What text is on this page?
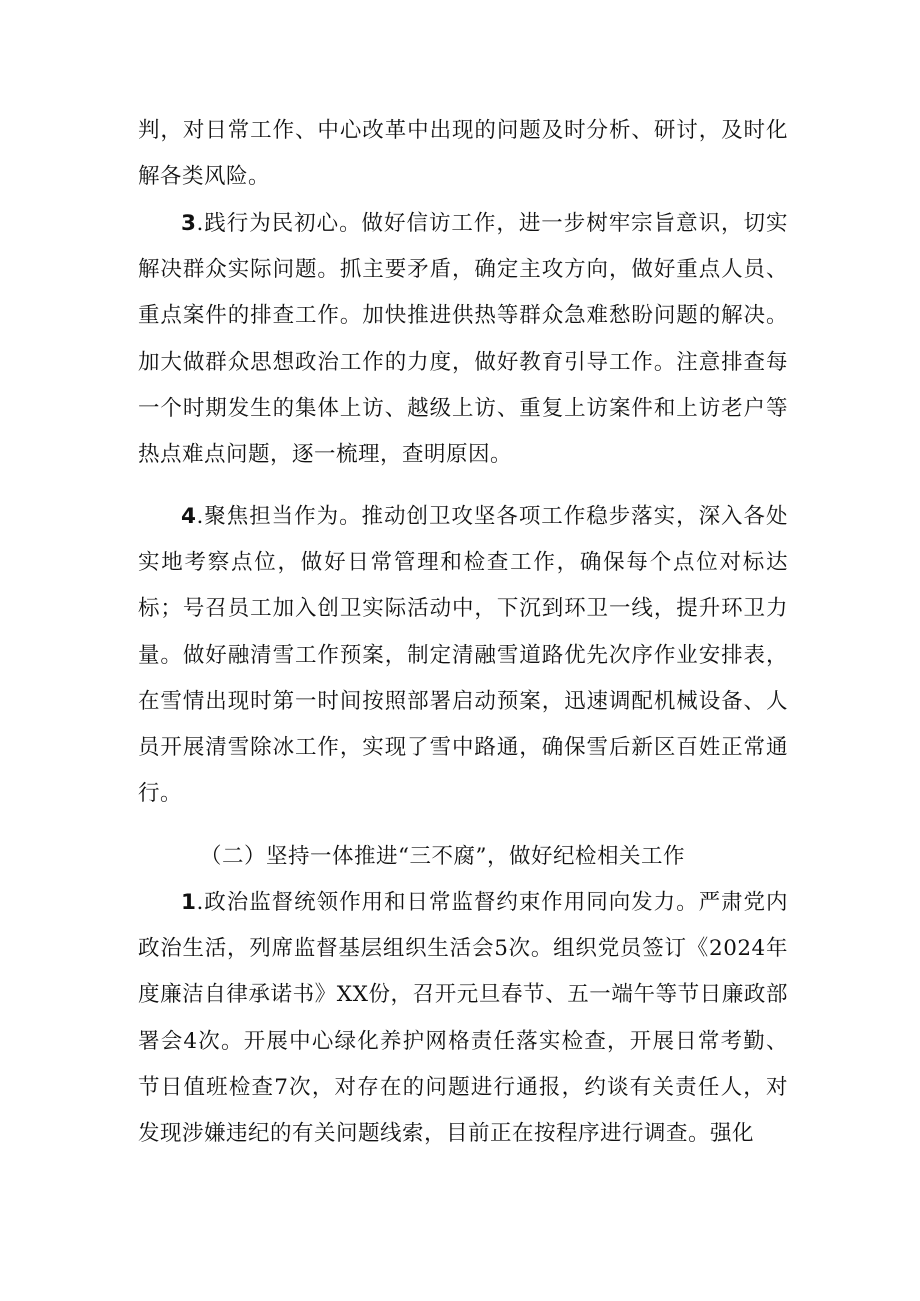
判，对日常工作、中心改革中出现的问题及时分析、研讨，及时化解各类风险。

3.践行为民初心。做好信访工作，进一步树牢宗旨意识，切实解决群众实际问题。抓主要矛盾，确定主攻方向，做好重点人员、重点案件的排查工作。加快推进供热等群众急难愁盼问题的解决。加大做群众思想政治工作的力度，做好教育引导工作。注意排查每一个时期发生的集体上访、越级上访、重复上访案件和上访老户等热点难点问题，逐一梳理，查明原因。

4.聚焦担当作为。推动创卫攻坚各项工作稳步落实，深入各处实地考察点位，做好日常管理和检查工作，确保每个点位对标达标；号召员工加入创卫实际活动中，下沉到环卫一线，提升环卫力量。做好融清雪工作预案，制定清融雪道路优先次序作业安排表，在雪情出现时第一时间按照部署启动预案，迅速调配机械设备、人员开展清雪除冰工作，实现了雪中路通，确保雪后新区百姓正常通行。

（二）坚持一体推进“三不腐”，做好纪检相关工作

1.政治监督统领作用和日常监督约束作用同向发力。严肃党内政治生活，列席监督基层组织生活会5次。组织党员签订《2024年度廉洁自律承诺书》XX份，召开元旦春节、五一端午等节日廉政部署会4次。开展中心绿化养护网格责任落实检查，开展日常考勤、节日值班检查7次，对存在的问题进行通报，约谈有关责任人，对发现涉嫌违纪的有关问题线索，目前正在按程序进行调查。强化
